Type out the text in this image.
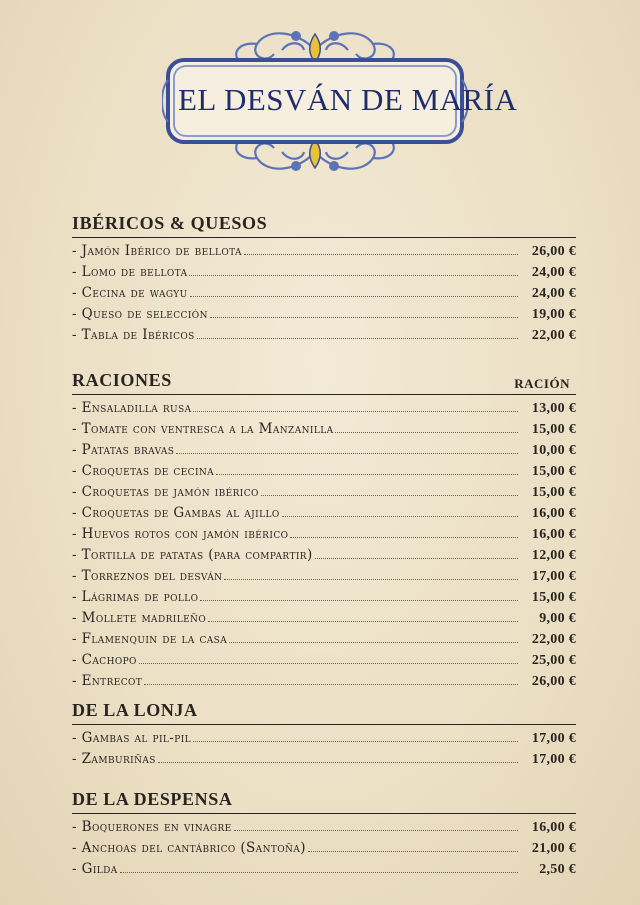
EL DESVÁN DE MARÍA
IBÉRICOS & QUESOS
- Jamón Ibérico de bellota	26,00 €
- Lomo de bellota	24,00 €
- Cecina de wagyu	24,00 €
- Queso de selección	19,00 €
- Tabla de Ibéricos	22,00 €
RACIONES	RACIÓN
- Ensaladilla rusa	13,00 €
- Tomate con ventresca a la Manzanilla	15,00 €
- Patatas bravas	10,00 €
- Croquetas de cecina	15,00 €
- Croquetas de jamón ibérico	15,00 €
- Croquetas de Gambas al ajillo	16,00 €
- Huevos rotos con jamón ibérico	16,00 €
- Tortilla de patatas (para compartir)	12,00 €
- Torreznos del desván	17,00 €
- Lágrimas de pollo	15,00 €
- Mollete madrileño	9,00 €
- Flamenquin de la casa	22,00 €
- Cachopo	25,00 €
- Entrecot	26,00 €
DE LA LONJA
- Gambas al pil-pil	17,00 €
- Zamburiñas	17,00 €
DE LA DESPENSA
- Boquerones en vinagre	16,00 €
- Anchoas del cantábrico (Santoña)	21,00 €
- Gilda	2,50 €
